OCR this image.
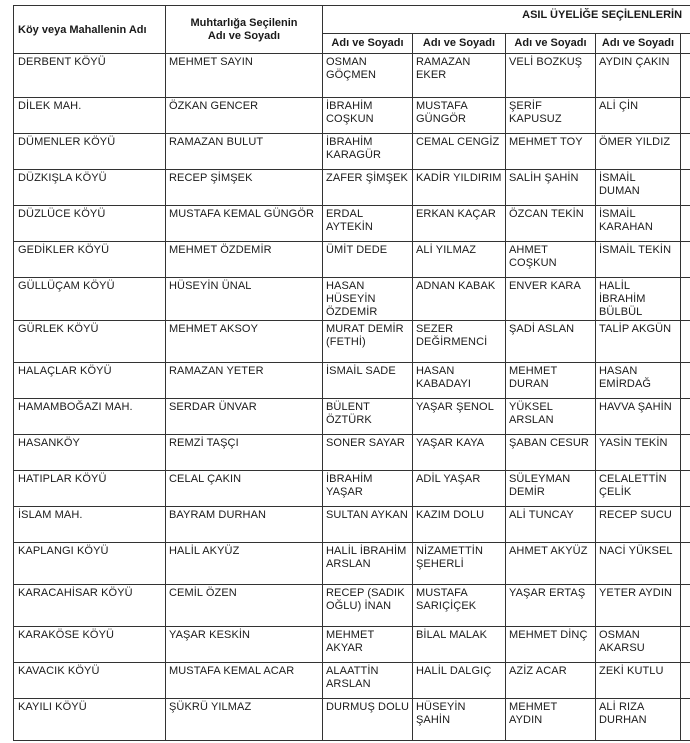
Köy veya Mahallenin Adı	Muhtarlığa Seçilenin
Adı ve Soyadı	ASIL ÜYELİĞE SEÇİLENLERİN				
		Adı ve Soyadı	Adı ve Soyadı	Adı ve Soyadı	Adı ve Soyadı	
DERBENT KÖYÜ	MEHMET SAYIN	OSMAN GÖÇMEN	RAMAZAN EKER	VELİ BOZKUŞ	AYDIN ÇAKIN	
DİLEK MAH.	ÖZKAN GENCER	İBRAHİM COŞKUN	MUSTAFA GÜNGÖR	ŞERİF KAPUSUZ	ALİ ÇİN	
DÜMENLER KÖYÜ	RAMAZAN BULUT	İBRAHİM KARAGÜR	CEMAL CENGİZ	MEHMET TOY	ÖMER YILDIZ	
DÜZKIŞLA KÖYÜ	RECEP ŞİMŞEK	ZAFER ŞİMŞEK	KADİR YILDIRIM	SALİH ŞAHİN	İSMAİL DUMAN	
DÜZLÜCE KÖYÜ	MUSTAFA KEMAL GÜNGÖR	ERDAL AYTEKİN	ERKAN KAÇAR	ÖZCAN TEKİN	İSMAİL KARAHAN	
GEDİKLER KÖYÜ	MEHMET ÖZDEMİR	ÜMİT DEDE	ALİ YILMAZ	AHMET COŞKUN	İSMAİL TEKİN	
GÜLLÜÇAM KÖYÜ	HÜSEYİN ÜNAL	HASAN HÜSEYİN ÖZDEMİR	ADNAN KABAK	ENVER KARA	HALİL İBRAHİM BÜLBÜL	
GÜRLEK KÖYÜ	MEHMET AKSOY	MURAT DEMİR (FETHİ)	SEZER DEĞİRMENCİ	ŞADİ ASLAN	TALİP AKGÜN	
HALAÇLAR KÖYÜ	RAMAZAN YETER	İSMAİL SADE	HASAN KABADAYI	MEHMET DURAN	HASAN EMİRDAĞ	
HAMAMBOĞAZI MAH.	SERDAR ÜNVAR	BÜLENT ÖZTÜRK	YAŞAR ŞENOL	YÜKSEL ARSLAN	HAVVA ŞAHİN	
HASANKÖY	REMZİ TAŞÇI	SONER SAYAR	YAŞAR KAYA	ŞABAN CESUR	YASİN TEKİN	
HATIPLAR KÖYÜ	CELAL ÇAKIN	İBRAHİM YAŞAR	ADİL YAŞAR	SÜLEYMAN DEMİR	CELALETTİN ÇELİK	
İSLAM MAH.	BAYRAM DURHAN	SULTAN AYKAN	KAZIM DOLU	ALİ TUNCAY	RECEP SUCU	
KAPLANGI KÖYÜ	HALİL AKYÜZ	HALİL İBRAHİM ARSLAN	NİZAMETTİN ŞEHERLİ	AHMET AKYÜZ	NACİ YÜKSEL	
KARACAHİSAR KÖYÜ	CEMİL ÖZEN	RECEP (SADIK OĞLU) İNAN	MUSTAFA SARIÇİÇEK	YAŞAR ERTAŞ	YETER AYDIN	
KARAKÖSE KÖYÜ	YAŞAR KESKİN	MEHMET AKYAR	BİLAL MALAK	MEHMET DİNÇ	OSMAN AKARSU	
KAVACIK KÖYÜ	MUSTAFA KEMAL ACAR	ALAATTİN ARSLAN	HALİL DALGIÇ	AZİZ ACAR	ZEKİ KUTLU	
KAYILI KÖYÜ	ŞÜKRÜ YILMAZ	DURMUŞ DOLU	HÜSEYİN ŞAHİN	MEHMET AYDIN	ALİ RIZA DURHAN	
